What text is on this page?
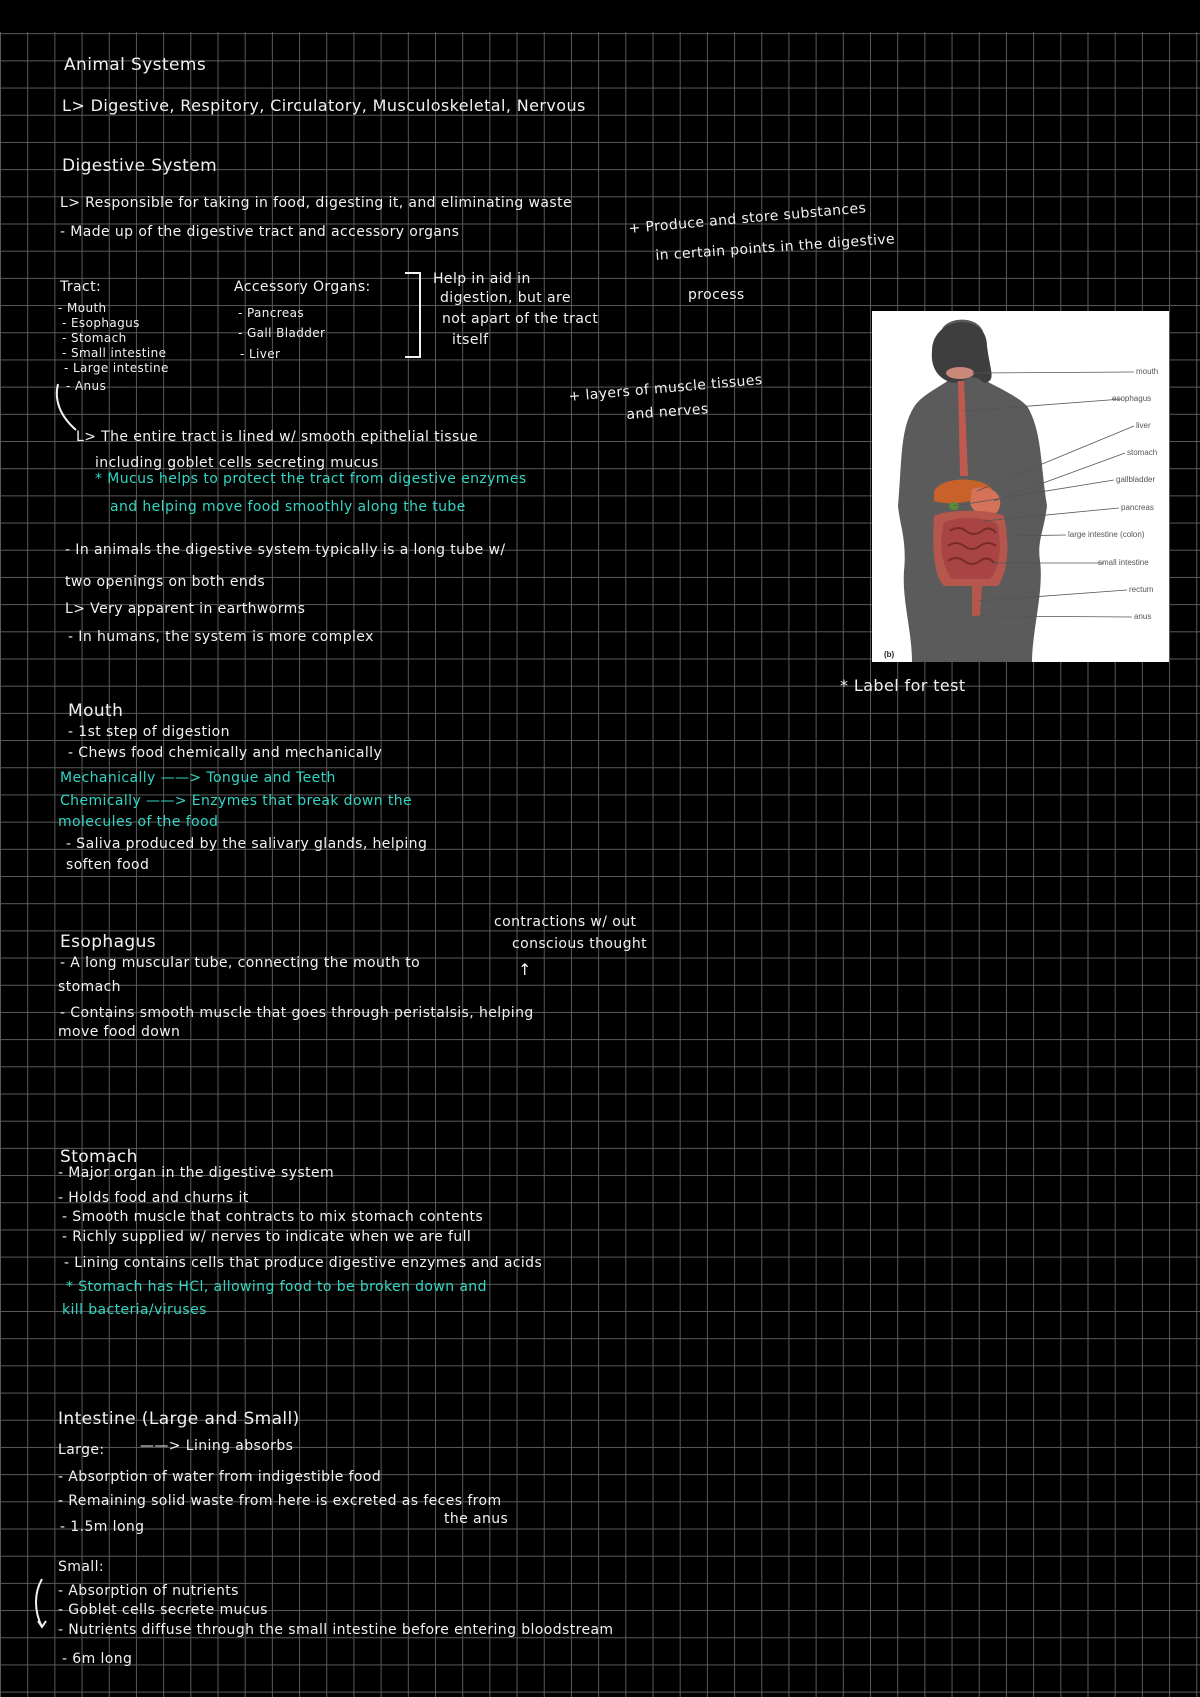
Animal Systems
L> Digestive, Respitory, Circulatory, Musculoskeletal, Nervous
Digestive System
L> Responsible for taking in food, digesting it, and eliminating waste
- Made up of the digestive tract and accessory organs
Tract:
- Mouth
- Esophagus
- Stomach
- Small intestine
- Large intestine
- Anus
Accessory Organs:
- Pancreas
- Gall Bladder
- Liver
Help in aid in
digestion, but are
not apart of the tract
itself
+ Produce and store substances
in certain points in the digestive
process
+ layers of muscle tissues
and nerves
L> The entire tract is lined w/ smooth epithelial tissue
including goblet cells secreting mucus
* Mucus helps to protect the tract from digestive enzymes
and helping move food smoothly along the tube
- In animals the digestive system typically is a long tube w/
two openings on both ends
L> Very apparent in earthworms
- In humans, the system is more complex
mouth
esophagus
liver
stomach
gallbladder
pancreas
large intestine (colon)
small intestine
rectum
anus
(b)
* Label for test
Mouth
- 1st step of digestion
- Chews food chemically and mechanically
Mechanically ——> Tongue and Teeth
Chemically ——> Enzymes that break down the
molecules of the food
- Saliva produced by the salivary glands, helping
soften food
contractions w/ out
conscious thought
↑
Esophagus
- A long muscular tube, connecting the mouth to
stomach
- Contains smooth muscle that goes through peristalsis, helping
move food down
Stomach
- Major organ in the digestive system
- Holds food and churns it
- Smooth muscle that contracts to mix stomach contents
- Richly supplied w/ nerves to indicate when we are full
- Lining contains cells that produce digestive enzymes and acids
* Stomach has HCl, allowing food to be broken down and
kill bacteria/viruses
Intestine (Large and Small)
Large:	——> Lining absorbs
- Absorption of water from indigestible food
- Remaining solid waste from here is excreted as feces from
the anus
- 1.5m long
Small:
- Absorption of nutrients
- Goblet cells secrete mucus
- Nutrients diffuse through the small intestine before entering bloodstream
- 6m long
